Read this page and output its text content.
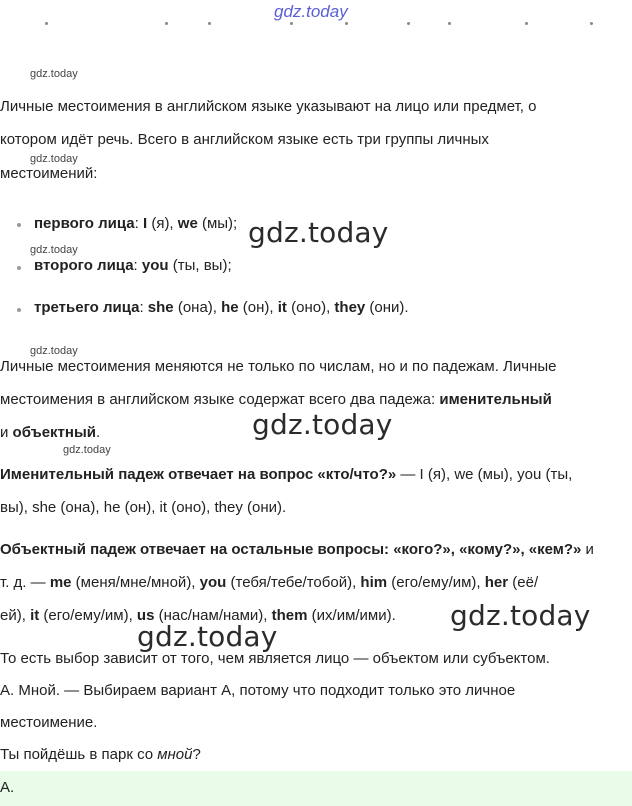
gdz.today
gdz.today
gdz.today
gdz.today
gdz.today
gdz.today
Личные местоимения в английском языке указывают на лицо или предмет, о
котором идёт речь. Всего в английском языке есть три группы личных
местоимений:
первого лица: I (я), we (мы);
второго лица: you (ты, вы);
третьего лица: she (она), he (он), it (оно), they (они).
gdz.today
gdz.today
gdz.today
gdz.today
Личные местоимения меняются не только по числам, но и по падежам. Личные
местоимения в английском языке содержат всего два падежа: именительный
и объектный.
Именительный падеж отвечает на вопрос «кто/что?» — I (я), we (мы), you (ты,
вы), she (она), he (он), it (оно), they (они).
Объектный падеж отвечает на остальные вопросы: «кого?», «кому?», «кем?» и
т. д. — me (меня/мне/мной), you (тебя/тебе/тобой), him (его/ему/им), her (её/
ей), it (его/ему/им), us (нас/нам/нами), them (их/им/ими).
То есть выбор зависит от того, чем является лицо — объектом или субъектом.
A. Мной. — Выбираем вариант A, потому что подходит только это личное
местоимение.
Ты пойдёшь в парк со мной?
A.
